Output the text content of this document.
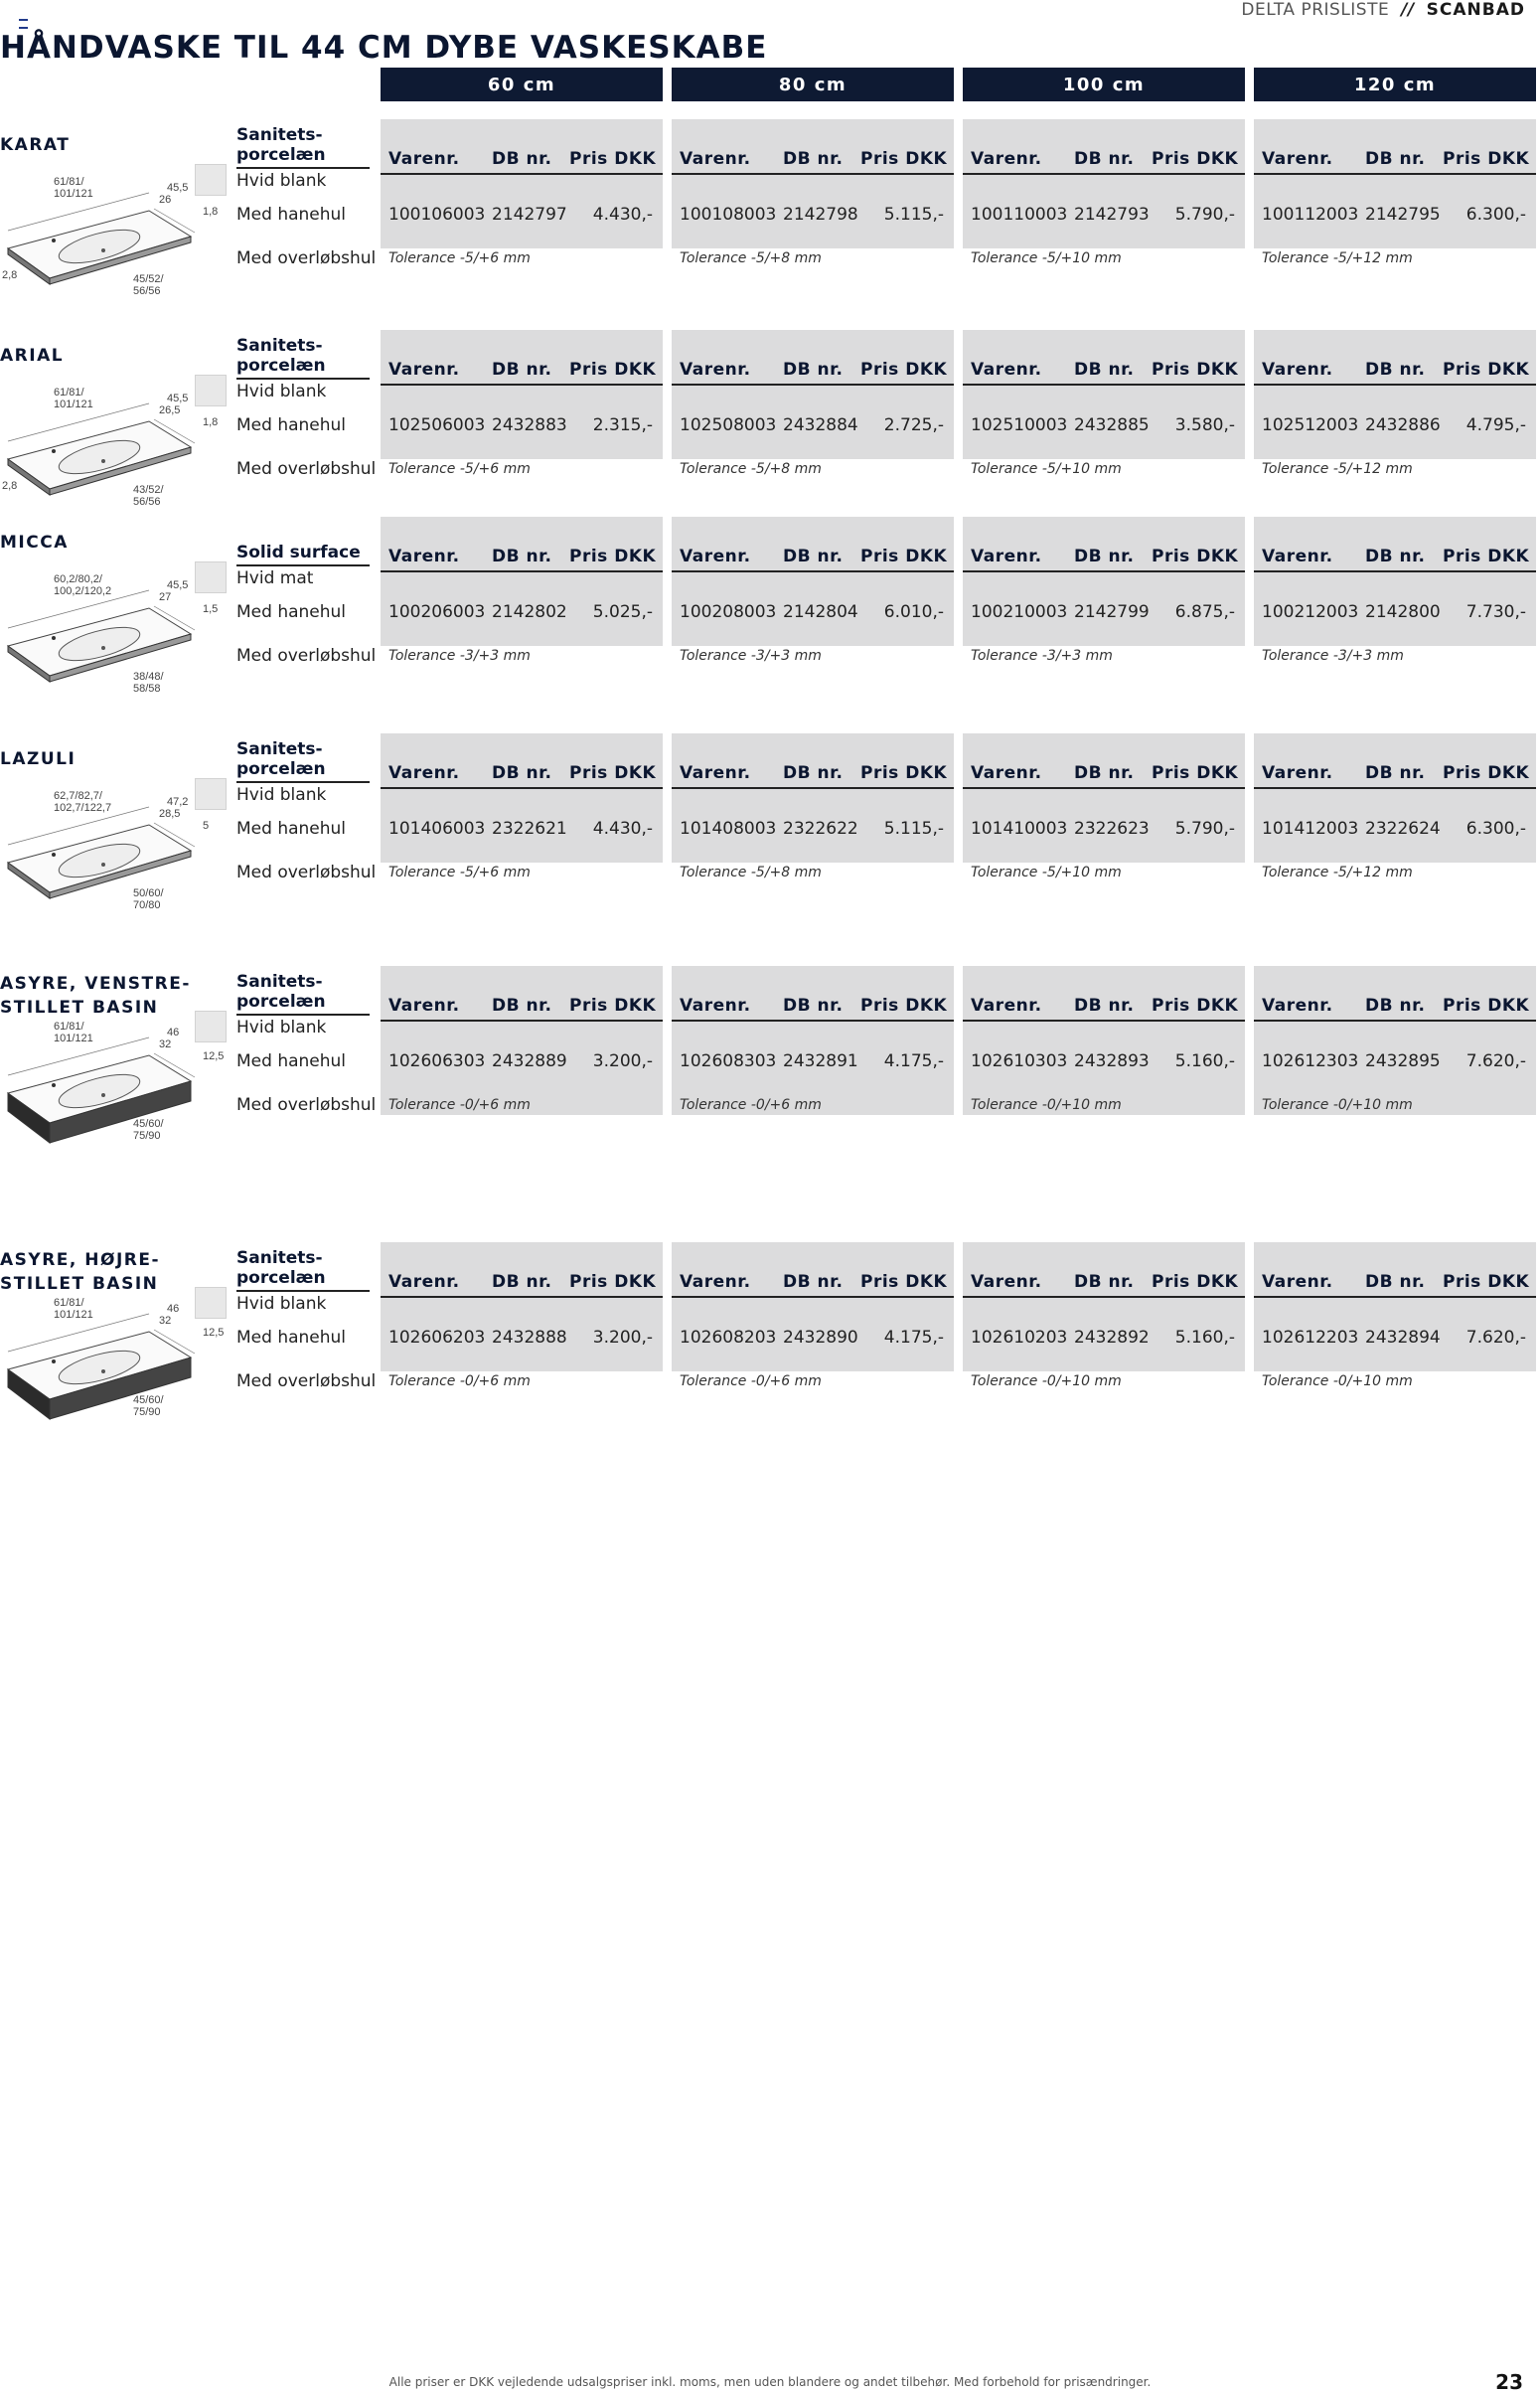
DELTA PRISLISTE // SCANBAD
HÅNDVASKE TIL 44 CM DYBE VASKESKABE
60 cm	80 cm	100 cm	120 cm
KARAT
61/81/
101/121	45,5
26
1,8
2,8	45/52/
56/56
Sanitets-
porcelæn
Hvid blank
Med hanehul
Med overløbshul
Varenr. DB nr. Pris DKK
100106003 2142797 4.430,-
Tolerance -5/+6 mm
Varenr. DB nr. Pris DKK
100108003 2142798 5.115,-
Tolerance -5/+8 mm
Varenr. DB nr. Pris DKK
100110003 2142793 5.790,-
Tolerance -5/+10 mm
Varenr. DB nr. Pris DKK
100112003 2142795 6.300,-
Tolerance -5/+12 mm
ARIAL
61/81/
101/121	45,5
26,5
1,8
2,8	43/52/
56/56
Sanitets-
porcelæn
Hvid blank
Med hanehul
Med overløbshul
Varenr. DB nr. Pris DKK
102506003 2432883 2.315,-
Tolerance -5/+6 mm
Varenr. DB nr. Pris DKK
102508003 2432884 2.725,-
Tolerance -5/+8 mm
Varenr. DB nr. Pris DKK
102510003 2432885 3.580,-
Tolerance -5/+10 mm
Varenr. DB nr. Pris DKK
102512003 2432886 4.795,-
Tolerance -5/+12 mm
MICCA
60,2/80,2/
100,2/120,2	45,5
27
1,5
38/48/
58/58
Solid surface
Hvid mat
Med hanehul
Med overløbshul
Varenr. DB nr. Pris DKK
100206003 2142802 5.025,-
Tolerance -3/+3 mm
Varenr. DB nr. Pris DKK
100208003 2142804 6.010,-
Tolerance -3/+3 mm
Varenr. DB nr. Pris DKK
100210003 2142799 6.875,-
Tolerance -3/+3 mm
Varenr. DB nr. Pris DKK
100212003 2142800 7.730,-
Tolerance -3/+3 mm
LAZULI
62,7/82,7/
102,7/122,7	47,2
28,5
5
50/60/
70/80
Sanitets-
porcelæn
Hvid blank
Med hanehul
Med overløbshul
Varenr. DB nr. Pris DKK
101406003 2322621 4.430,-
Tolerance -5/+6 mm
Varenr. DB nr. Pris DKK
101408003 2322622 5.115,-
Tolerance -5/+8 mm
Varenr. DB nr. Pris DKK
101410003 2322623 5.790,-
Tolerance -5/+10 mm
Varenr. DB nr. Pris DKK
101412003 2322624 6.300,-
Tolerance -5/+12 mm
ASYRE, VENSTRE-
STILLET BASIN
61/81/
101/121	46
32
12,5
45/60/
75/90
Sanitets-
porcelæn
Hvid blank
Med hanehul
Med overløbshul
Varenr. DB nr. Pris DKK
102606303 2432889 3.200,-
Tolerance -0/+6 mm
Varenr. DB nr. Pris DKK
102608303 2432891 4.175,-
Tolerance -0/+6 mm
Varenr. DB nr. Pris DKK
102610303 2432893 5.160,-
Tolerance -0/+10 mm
Varenr. DB nr. Pris DKK
102612303 2432895 7.620,-
Tolerance -0/+10 mm
ASYRE, HØJRE-
STILLET BASIN
61/81/
101/121	46
32
12,5
45/60/
75/90
Sanitets-
porcelæn
Hvid blank
Med hanehul
Med overløbshul
Varenr. DB nr. Pris DKK
102606203 2432888 3.200,-
Tolerance -0/+6 mm
Varenr. DB nr. Pris DKK
102608203 2432890 4.175,-
Tolerance -0/+6 mm
Varenr. DB nr. Pris DKK
102610203 2432892 5.160,-
Tolerance -0/+10 mm
Varenr. DB nr. Pris DKK
102612203 2432894 7.620,-
Tolerance -0/+10 mm
Alle priser er DKK vejledende udsalgspriser inkl. moms, men uden blandere og andet tilbehør. Med forbehold for prisændringer.	23
